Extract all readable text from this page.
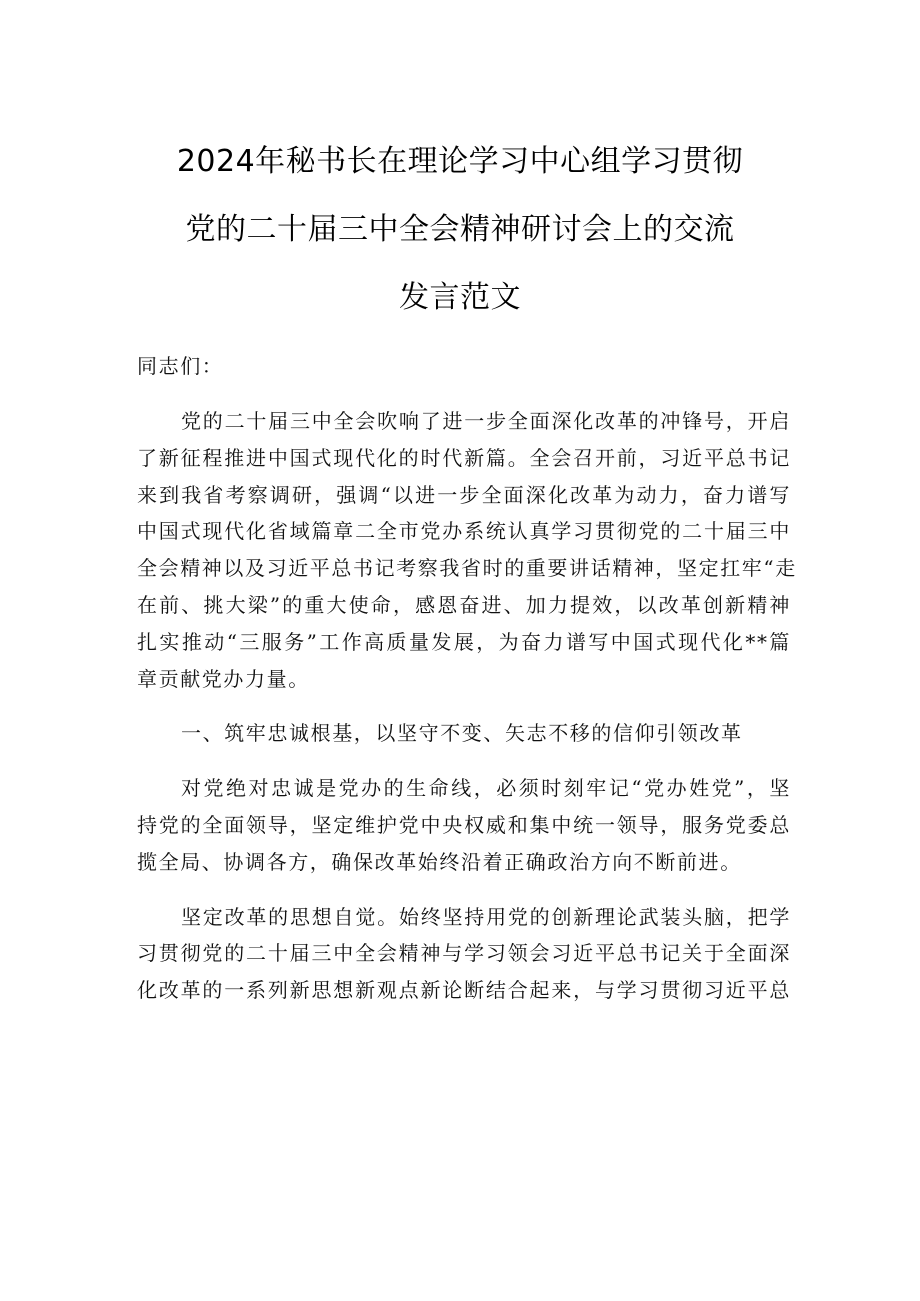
2024年秘书长在理论学习中心组学习贯彻
党的二十届三中全会精神研讨会上的交流
发言范文
同志们：
党的二十届三中全会吹响了进一步全面深化改革的冲锋号，开启
了新征程推进中国式现代化的时代新篇。全会召开前，习近平总书记
来到我省考察调研，强调“以进一步全面深化改革为动力，奋力谱写
中国式现代化省域篇章二全市党办系统认真学习贯彻党的二十届三中
全会精神以及习近平总书记考察我省时的重要讲话精神，坚定扛牢“走
在前、挑大梁”的重大使命，感恩奋进、加力提效，以改革创新精神
扎实推动“三服务”工作高质量发展，为奋力谱写中国式现代化**篇
章贡献党办力量。
一、筑牢忠诚根基，以坚守不变、矢志不移的信仰引领改革
对党绝对忠诚是党办的生命线，必须时刻牢记“党办姓党”，坚
持党的全面领导，坚定维护党中央权威和集中统一领导，服务党委总
揽全局、协调各方，确保改革始终沿着正确政治方向不断前进。
坚定改革的思想自觉。始终坚持用党的创新理论武装头脑，把学
习贯彻党的二十届三中全会精神与学习领会习近平总书记关于全面深
化改革的一系列新思想新观点新论断结合起来，与学习贯彻习近平总
